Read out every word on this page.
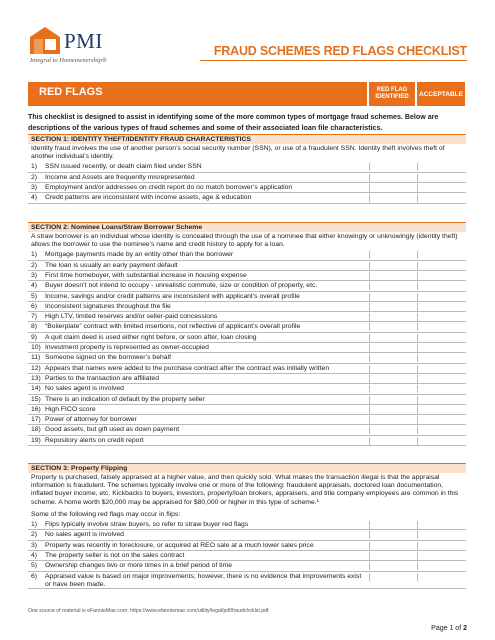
PMI
Integral to Homeownership®
FRAUD SCHEMES RED FLAGS CHECKLIST
RED FLAGS	RED FLAG IDENTIFIED	ACCEPTABLE
This checklist is designed to assist in identifying some of the more common types of mortgage fraud schemes. Below are descriptions of the various types of fraud schemes and some of their associated loan file characteristics.
SECTION 1: IDENTITY THEFT/IDENTITY FRAUD CHARACTERISTICS
Identity fraud involves the use of another person’s social security number (SSN), or use of a fraudulent SSN. Identity theft involves theft of another individual’s identity.
1)	SSN issued recently, or death claim filed under SSN
2)	Income and Assets are frequently misrepresented
3)	Employment and/or addresses on credit report do no match borrower’s application
4)	Credit patterns are inconsistent with income assets, age & education
SECTION 2: Nominee Loans/Straw Borrower Scheme
A straw borrower is an individual whose identity is concealed through the use of a nominee that either knowingly or unknowingly (identity theft) allows the borrower to use the nominee’s name and credit history to apply for a loan.
1)	Mortgage payments made by an entity other than the borrower
2)	The loan is usually an early payment default
3)	First time homebuyer, with substantial increase in housing expense
4)	Buyer doesn’t not intend to occupy - unrealistic commute, size or condition of property, etc.
5)	Income, savings and/or credit patterns are inconsistent with applicant’s overall profile
6)	Inconsistent signatures throughout the file
7)	High LTV, limited reserves and/or seller-paid concessions
8)	“Boilerplate” contract with limited insertions, not reflective of applicant’s overall profile
9)	A quit claim deed is used either right before, or soon after, loan closing
10) Investment property is represented as owner-occupied
11) Someone signed on the borrower’s behalf
12) Appears that names were added to the purchase contract after the contract was initially written
13) Parties to the transaction are affiliated
14) No sales agent is involved
15) There is an indication of default by the property seller
16) High FICO score
17) Power of attorney for borrower
18) Good assets, but gift used as down payment
19) Repository alerts on credit report
SECTION 3: Property Flipping
Property is purchased, falsely appraised at a higher value, and then quickly sold. What makes the transaction illegal is that the appraisal information is fraudulent. The schemes typically involve one or more of the following: fraudulent appraisals, doctored loan documentation, inflated buyer income, etc. Kickbacks to buyers, investors, property/loan brokers, appraisers, and title company employees are common in this scheme. A home worth $20,000 may be appraised for $80,000 or higher in this type of scheme.¹
Some of the following red flags may occur in flips:
1)	Flips typically involve straw buyers, so refer to straw buyer red flags
2)	No sales agent is involved
3)	Property was recently in foreclosure, or acquired at REO sale at a much lower sales price
4)	The property seller is not on the sales contract
5)	Ownership changes two or more times in a brief period of time
6)	Appraised value is based on major improvements; however, there is no evidence that improvements exist or have been made.
One source of material is eFannieMae.com: https://www.efanniemae.com/utility/legal/pdf/fraudchcklst.pdf
Page 1 of 2
